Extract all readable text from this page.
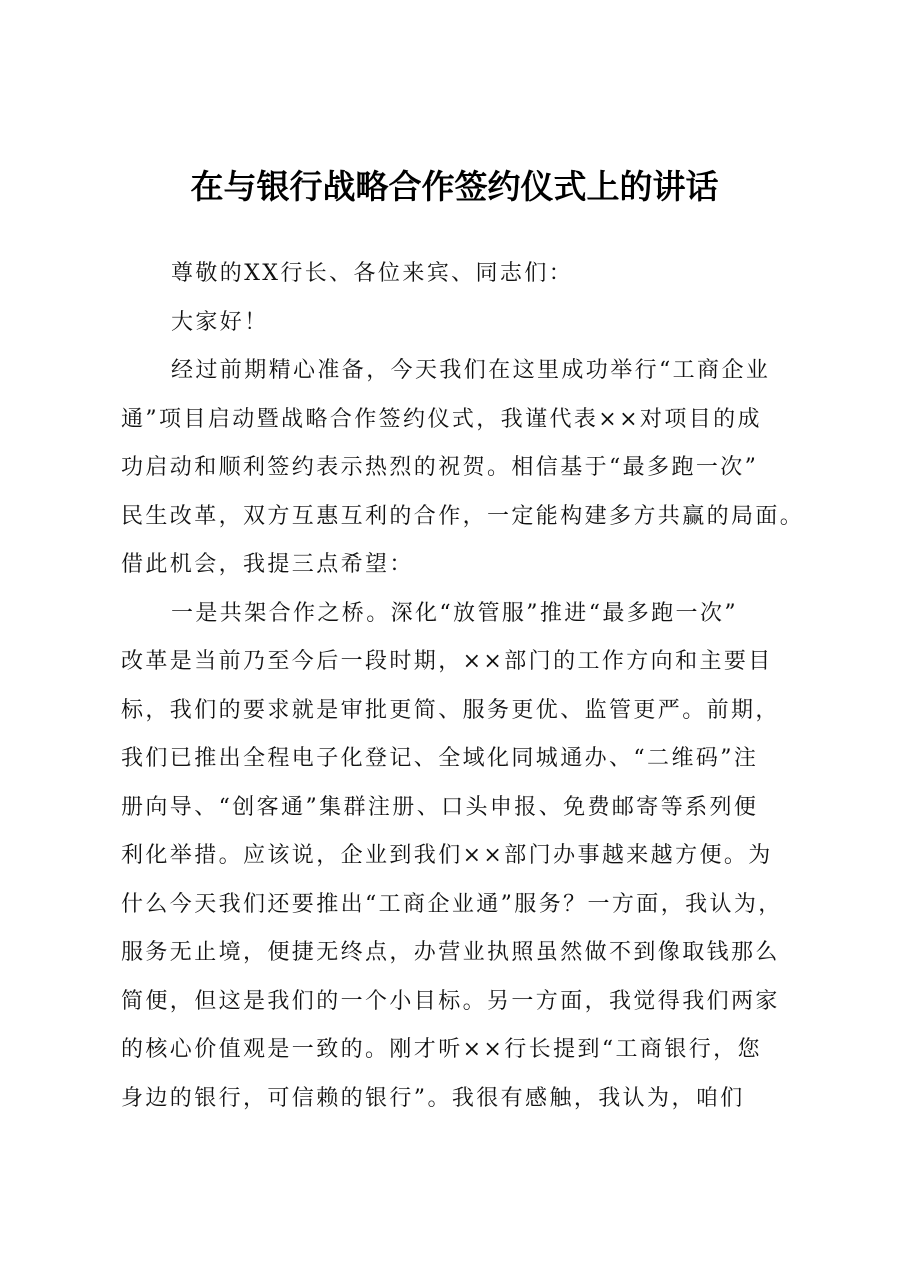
在与银行战略合作签约仪式上的讲话

尊敬的XX行长、各位来宾、同志们：

大家好！

经过前期精心准备，今天我们在这里成功举行“工商企业

通”项目启动暨战略合作签约仪式，我谨代表××对项目的成

功启动和顺利签约表示热烈的祝贺。相信基于“最多跑一次”

民生改革，双方互惠互利的合作，一定能构建多方共赢的局面。

借此机会，我提三点希望：

一是共架合作之桥。深化“放管服”推进“最多跑一次”

改革是当前乃至今后一段时期，××部门的工作方向和主要目

标，我们的要求就是审批更简、服务更优、监管更严。前期，

我们已推出全程电子化登记、全域化同城通办、“二维码”注

册向导、“创客通”集群注册、口头申报、免费邮寄等系列便

利化举措。应该说，企业到我们××部门办事越来越方便。为

什么今天我们还要推出“工商企业通”服务？一方面，我认为，

服务无止境，便捷无终点，办营业执照虽然做不到像取钱那么

简便，但这是我们的一个小目标。另一方面，我觉得我们两家

的核心价值观是一致的。刚才听××行长提到“工商银行，您

身边的银行，可信赖的银行”。我很有感触，我认为，咱们
